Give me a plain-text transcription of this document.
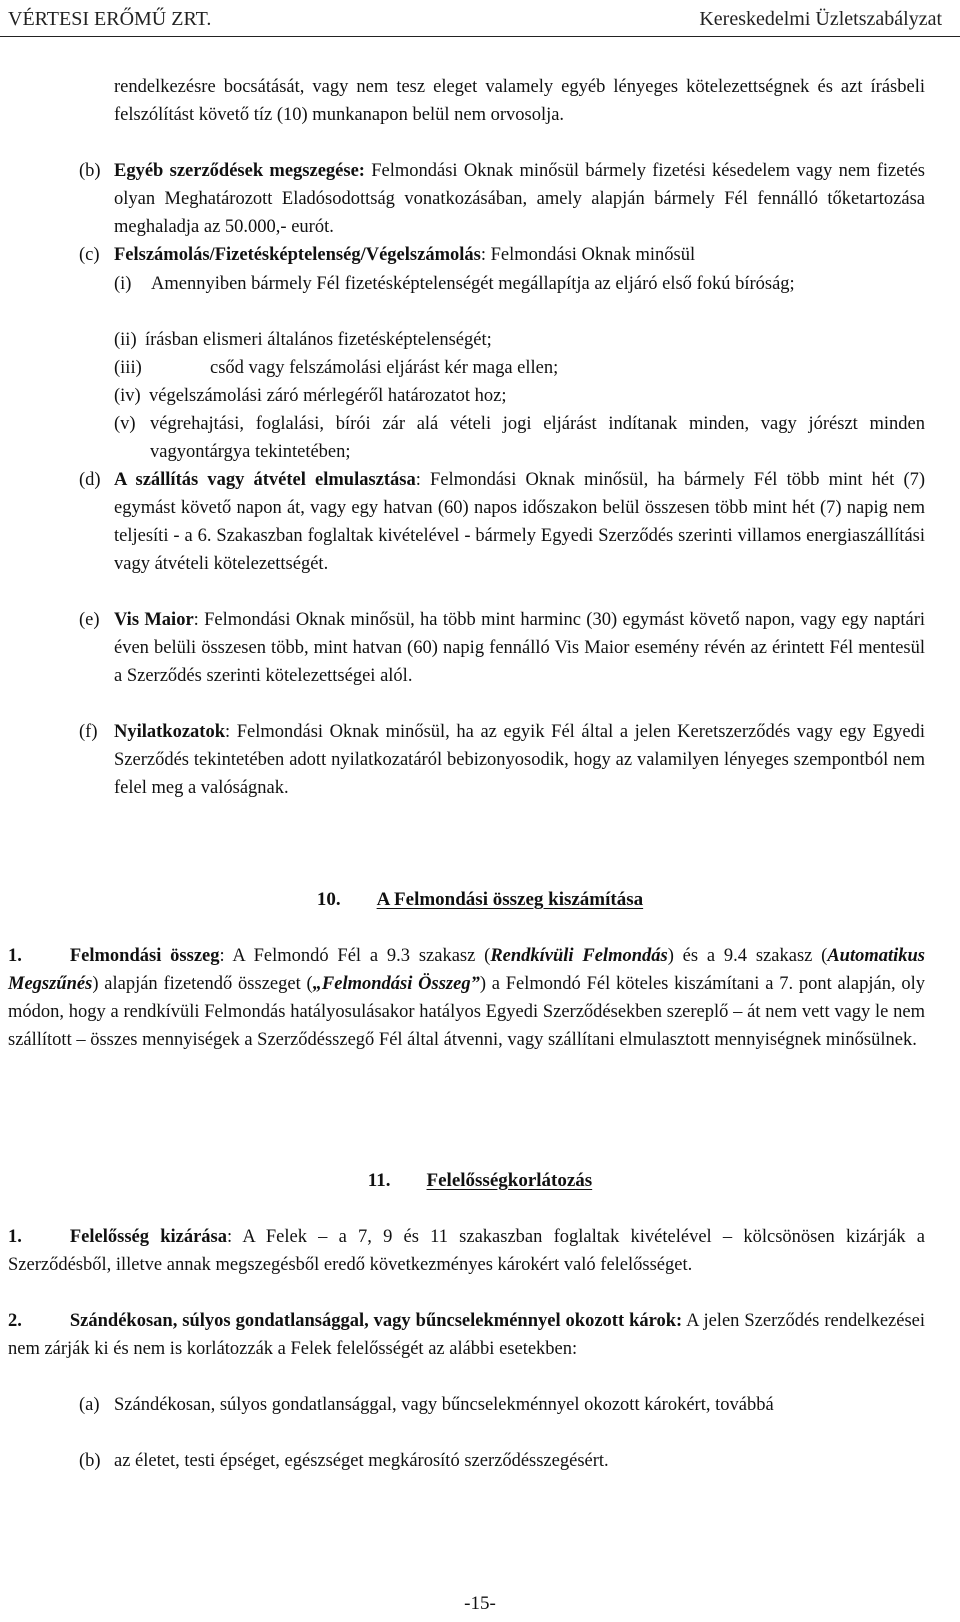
VÉRTESI ERŐMŰ ZRT.	Kereskedelmi Üzletszabályzat
rendelkezésre bocsátását, vagy nem tesz eleget valamely egyéb lényeges kötelezettségnek és azt írásbeli felszólítást követő tíz (10) munkanapon belül nem orvosolja.
(b) Egyéb szerződések megszegése: Felmondási Oknak minősül bármely fizetési késedelem vagy nem fizetés olyan Meghatározott Eladósodottság vonatkozásában, amely alapján bármely Fél fennálló tőketartozása meghaladja az 50.000,- eurót.
(c) Felszámolás/Fizetésképtelenség/Végelszámolás: Felmondási Oknak minősül
(i) Amennyiben bármely Fél fizetésképtelenségét megállapítja az eljáró első fokú bíróság;
(ii) írásban elismeri általános fizetésképtelenségét;
(iii)	csőd vagy felszámolási eljárást kér maga ellen;
(iv) végelszámolási záró mérlegéről határozatot hoz;
(v) végrehajtási, foglalási, bírói zár alá vételi jogi eljárást indítanak minden, vagy jórészt minden vagyontárgya tekintetében;
(d) A szállítás vagy átvétel elmulasztása: Felmondási Oknak minősül, ha bármely Fél több mint hét (7) egymást követő napon át, vagy egy hatvan (60) napos időszakon belül összesen több mint hét (7) napig nem teljesíti - a 6. Szakaszban foglaltak kivételével - bármely Egyedi Szerződés szerinti villamos energiaszállítási vagy átvételi kötelezettségét.
(e) Vis Maior: Felmondási Oknak minősül, ha több mint harminc (30) egymást követő napon, vagy egy naptári éven belüli összesen több, mint hatvan (60) napig fennálló Vis Maior esemény révén az érintett Fél mentesül a Szerződés szerinti kötelezettségei alól.
(f) Nyilatkozatok: Felmondási Oknak minősül, ha az egyik Fél által a jelen Keretszerződés vagy egy Egyedi Szerződés tekintetében adott nyilatkozatáról bebizonyosodik, hogy az valamilyen lényeges szempontból nem felel meg a valóságnak.
10. A Felmondási összeg kiszámítása
1.	Felmondási összeg: A Felmondó Fél a 9.3 szakasz (Rendkívüli Felmondás) és a 9.4 szakasz (Automatikus Megszűnés) alapján fizetendő összeget („Felmondási Összeg”) a Felmondó Fél köteles kiszámítani a 7. pont alapján, oly módon, hogy a rendkívüli Felmondás hatályosulásakor hatályos Egyedi Szerződésekben szereplő – át nem vett vagy le nem szállított – összes mennyiségek a Szerződésszegő Fél által átvenni, vagy szállítani elmulasztott mennyiségnek minősülnek.
11. Felelősségkorlátozás
1.	Felelősség kizárása: A Felek – a 7, 9 és 11 szakaszban foglaltak kivételével – kölcsönösen kizárják a Szerződésből, illetve annak megszegésből eredő következményes károkért való felelősséget.
2.	Szándékosan, súlyos gondatlansággal, vagy bűncselekménnyel okozott károk: A jelen Szerződés rendelkezései nem zárják ki és nem is korlátozzák a Felek felelősségét az alábbi esetekben:
(a) Szándékosan, súlyos gondatlansággal, vagy bűncselekménnyel okozott károkért, továbbá
(b) az életet, testi épséget, egészséget megkárosító szerződésszegésért.
-15-
